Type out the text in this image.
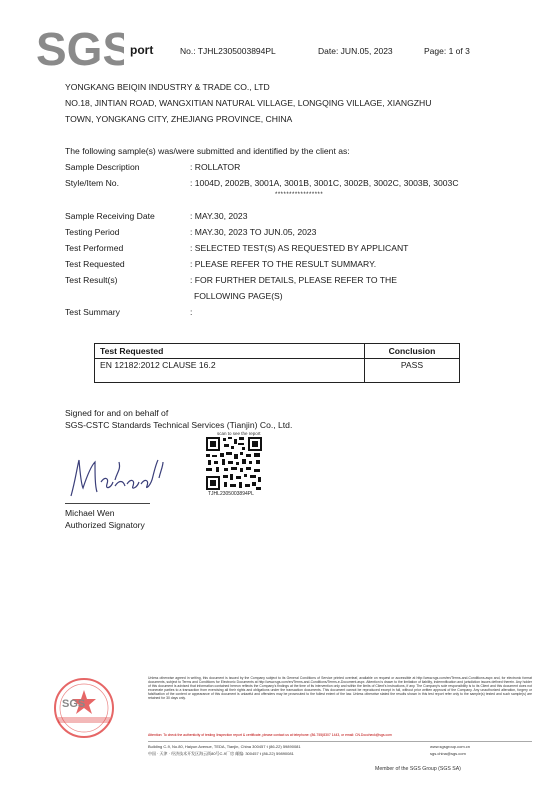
SGS
port	No.: TJHL2305003894PL	Date: JUN.05, 2023	Page: 1 of 3
YONGKANG BEIQIN INDUSTRY & TRADE CO., LTD
NO.18, JINTIAN ROAD, WANGXITIAN NATURAL VILLAGE, LONGQING VILLAGE, XIANGZHU
TOWN, YONGKANG CITY, ZHEJIANG PROVINCE, CHINA
The following sample(s) was/were submitted and identified by the client as:
Sample Description	: ROLLATOR
Style/Item No.	: 1004D, 2002B, 3001A, 3001B, 3001C, 3002B, 3002C, 3003B, 3003C
*****************
Sample Receiving Date	: MAY.30, 2023
Testing Period	: MAY.30, 2023 TO JUN.05, 2023
Test Performed	: SELECTED TEST(S) AS REQUESTED BY APPLICANT
Test Requested	: PLEASE REFER TO THE RESULT SUMMARY.
Test Result(s)	: FOR FURTHER DETAILS, PLEASE REFER TO THE
FOLLOWING PAGE(S)
Test Summary	:
Test Requested	Conclusion
EN 12182:2012 CLAUSE 16.2	PASS
Signed for and on behalf of
SGS-CSTC Standards Technical Services (Tianjin) Co., Ltd.
scan to see the report
TJHL2305003894PL
Michael Wen
Authorized Signatory
SGS
Unless otherwise agreed in writing, this document is issued by the Company subject to its General Conditions of Service printed overleaf, available on request or accessible at http://www.sgs.com/en/Terms-and-Conditions.aspx and, for electronic format documents, subject to Terms and Conditions for Electronic Documents at http://www.sgs.com/en/Terms-and-Conditions/Terms-e-Document.aspx. Attention is drawn to the limitation of liability, indemnification and jurisdiction issues defined therein. Any holder of this document is advised that information contained hereon reflects the Company's findings at the time of its intervention only and within the limits of Client's instructions, if any. The Company's sole responsibility is to its Client and this document does not exonerate parties to a transaction from exercising all their rights and obligations under the transaction documents. This document cannot be reproduced except in full, without prior written approval of the Company. Any unauthorized alteration, forgery or falsification of the content or appearance of this document is unlawful and offenders may be prosecuted to the fullest extent of the law. Unless otherwise stated the results shown in this test report refer only to the sample(s) tested and such sample(s) are retained for 30 days only.
Attention: To check the authenticity of testing /inspection report & certificate, please contact us at telephone: (86-755)8307 1443, or email: CN.Doccheck@sgs.com
Building C-9, No.80, Haiyun Avenue, TEDA, Tianjin, China 300457 t (86-22) 59890081
中国 · 天津 · 经济技术开发区海云街80号C-9厂房 邮编: 300457 t (86-22) 59890081
www.sgsgroup.com.cn
sgs.china@sgs.com
Member of the SGS Group (SGS SA)
